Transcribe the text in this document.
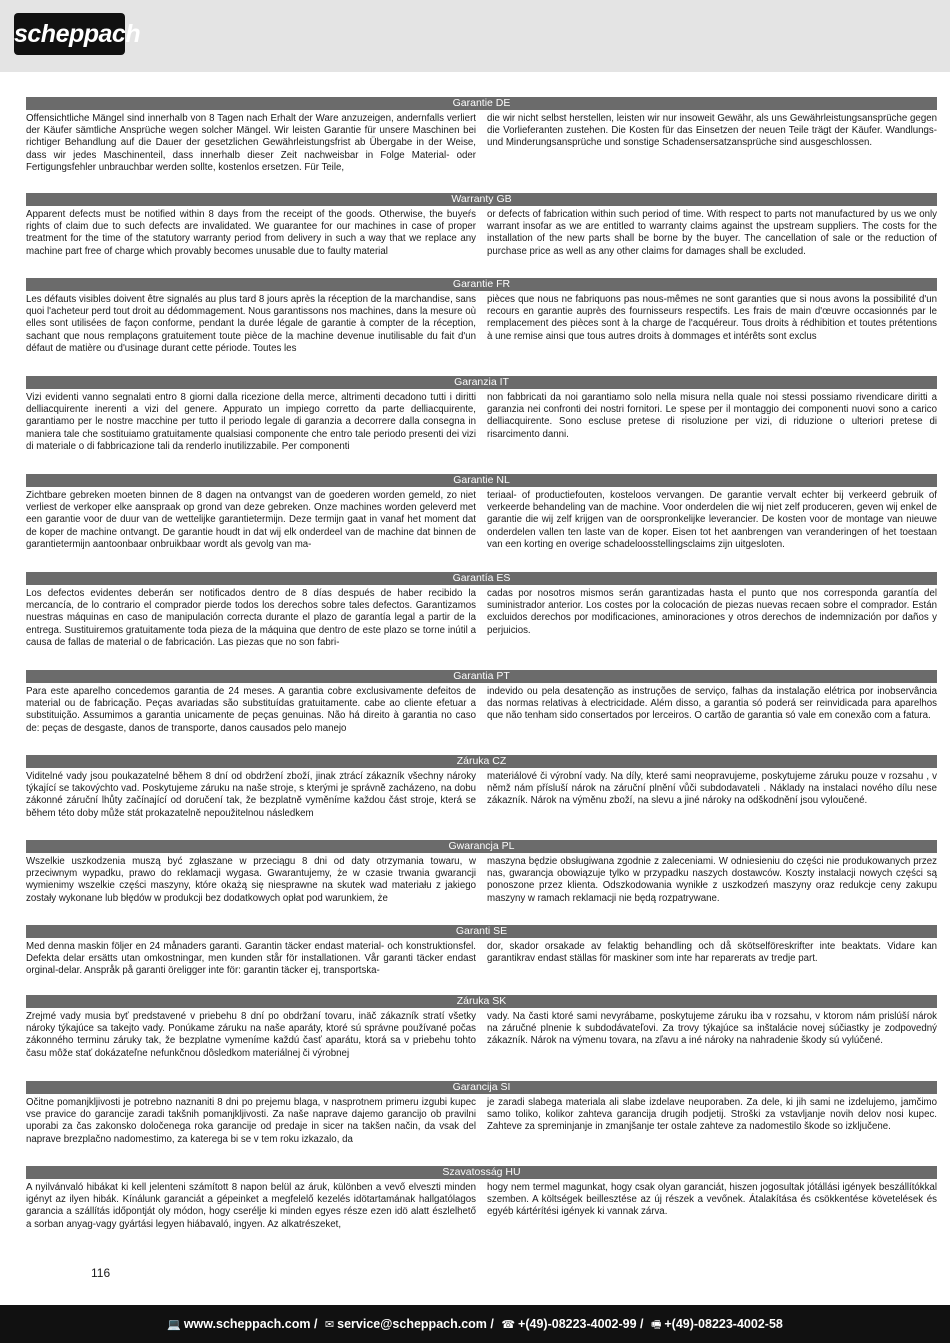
scheppach
Garantie DE

Offensichtliche Mängel sind innerhalb von 8 Tagen nach Erhalt der Ware anzuzeigen, andernfalls verliert der Käufer sämtliche Ansprüche wegen solcher Mängel. Wir leisten Garantie für unsere Maschinen bei richtiger Behandlung auf die Dauer der gesetzlichen Gewährleistungsfrist ab Übergabe in der Weise, dass wir jedes Maschinenteil, dass innerhalb dieser Zeit nachweisbar in Folge Material- oder Fertigungsfehler unbrauchbar werden sollte, kostenlos ersetzen. Für Teile,

die wir nicht selbst herstellen, leisten wir nur insoweit Gewähr, als uns Gewährleistungsansprüche gegen die Vorlieferanten zustehen. Die Kosten für das Einsetzen der neuen Teile trägt der Käufer. Wandlungs- und Minderungsansprüche und sonstige Schadensersatzansprüche sind ausgeschlossen.

Warranty GB

Apparent defects must be notified within 8 days from the receipt of the goods. Otherwise, the buyeŕs rights of claim due to such defects are invalidated. We guarantee for our machines in case of proper treatment for the time of the statutory warranty period from delivery in such a way that we replace any machine part free of charge which provably becomes unusable due to faulty material

or defects of fabrication within such period of time. With respect to parts not manufactured by us we only warrant insofar as we are entitled to warranty claims against the upstream suppliers. The costs for the installation of the new parts shall be borne by the buyer. The cancellation of sale or the reduction of purchase price as well as any other claims for damages shall be excluded.

Garantie FR

Les défauts visibles doivent être signalés au plus tard 8 jours après la réception de la marchandise, sans quoi l'acheteur perd tout droit au dédommagement. Nous garantissons nos machines, dans la mesure où elles sont utilisées de façon conforme, pendant la durée légale de garantie à compter de la réception, sachant que nous remplaçons gratuitement toute pièce de la machine devenue inutilisable du fait d'un défaut de matière ou d'usinage durant cette période. Toutes les

pièces que nous ne fabriquons pas nous-mêmes ne sont garanties que si nous avons la possibilité d'un recours en garantie auprès des fournisseurs respectifs. Les frais de main d'œuvre occasionnés par le remplacement des pièces sont à la charge de l'acquéreur. Tous droits à rédhibition et toutes prétentions à une remise ainsi que tous autres droits à dommages et intérêts sont exclus

Garanzia IT

Vizi evidenti vanno segnalati entro 8 giorni dalla ricezione della merce, altrimenti decadono tutti i diritti delliacquirente inerenti a vizi del genere. Appurato un impiego corretto da parte delliacquirente, garantiamo per le nostre macchine per tutto il periodo legale di garanzia a decorrere dalla consegna in maniera tale che sostituiamo gratuitamente qualsiasi componente che entro tale periodo presenti dei vizi di materiale o di fabbricazione tali da renderlo inutilizzabile. Per componenti

non fabbricati da noi garantiamo solo nella misura nella quale noi stessi possiamo rivendicare diritti a garanzia nei confronti dei nostri fornitori. Le spese per il montaggio dei componenti nuovi sono a carico delliacquirente. Sono escluse pretese di risoluzione per vizi, di riduzione o ulteriori pretese di risarcimento danni.

Garantie NL

Zichtbare gebreken moeten binnen de 8 dagen na ontvangst van de goederen worden gemeld, zo niet verliest de verkoper elke aanspraak op grond van deze gebreken. Onze machines worden geleverd met een garantie voor de duur van de wettelijke garantietermijn. Deze termijn gaat in vanaf het moment dat de koper de machine ontvangt. De garantie houdt in dat wij elk onderdeel van de machine dat binnen de garantietermijn aantoonbaar onbruikbaar wordt als gevolg van ma-

teriaal- of productiefouten, kosteloos vervangen. De garantie vervalt echter bij verkeerd gebruik of verkeerde behandeling van de machine. Voor onderdelen die wij niet zelf produceren, geven wij enkel de garantie die wij zelf krijgen van de oorspronkelijke leverancier. De kosten voor de montage van nieuwe onderdelen vallen ten laste van de koper. Eisen tot het aanbrengen van veranderingen of het toestaan van een korting en overige schadeloosstellingsclaims zijn uitgesloten.

Garantía ES

Los defectos evidentes deberán ser notificados dentro de 8 días después de haber recibido la mercancía, de lo contrario el comprador pierde todos los derechos sobre tales defectos. Garantizamos nuestras máquinas en caso de manipulación correcta durante el plazo de garantía legal a partir de la entrega. Sustituiremos gratuitamente toda pieza de la máquina que dentro de este plazo se torne inútil a causa de fallas de material o de fabricación. Las piezas que no son fabri-

cadas por nosotros mismos serán garantizadas hasta el punto que nos corresponda garantía del suministrador anterior. Los costes por la colocación de piezas nuevas recaen sobre el comprador. Están excluidos derechos por modificaciones, aminoraciones y otros derechos de indemnización por daños y perjuicios.

Garantia PT

Para este aparelho concedemos garantia de 24 meses. A garantia cobre exclusivamente defeitos de material ou de fabricação. Peças avariadas são substituídas gratuitamente. cabe ao cliente efetuar a substituição. Assumimos a garantia unicamente de peças genuinas. Não há direito à garantia no caso de: peças de desgaste, danos de transporte, danos causados pelo manejo

indevido ou pela desatenção as instruções de serviço, falhas da instalação elétrica por inobservância das normas relativas à electricidade. Além disso, a garantia só poderá ser reinvidicada para aparelhos que não tenham sido consertados por lerceiros. O cartão de garantia só vale em conexão com a fatura.

Záruka CZ

Viditelné vady jsou poukazatelné během 8 dní od obdržení zboží, jinak ztrácí zákazník všechny nároky týkající se takovýchto vad. Poskytujeme záruku na naše stroje, s kterými je správně zacházeno, na dobu zákonné záruční lhůty začínající od doručení tak, že bezplatně vyměníme každou část stroje, která se během této doby může stát prokazatelně nepoužitelnou následkem

materiálové či výrobní vady. Na díly, které sami neopravujeme, poskytujeme záruku pouze v rozsahu , v němž nám přísluší nárok na záruční plnění vůči subdodavateli . Náklady na instalaci nového dílu nese zákazník. Nárok na výměnu zboží, na slevu a jiné nároky na odškodnění jsou vyloučené.

Gwarancja PL

Wszelkie uszkodzenia muszą być zgłaszane w przeciągu 8 dni od daty otrzymania towaru, w przeciwnym wypadku, prawo do reklamacji wygasa. Gwarantujemy, że w czasie trwania gwarancji wymienimy wszelkie części maszyny, które okażą się niesprawne na skutek wad materiału z jakiego zostały wykonane lub błędów w produkcji bez dodatkowych opłat pod warunkiem, że

maszyna będzie obsługiwana zgodnie z zaleceniami. W odniesieniu do części nie produkowanych przez nas, gwarancja obowiązuje tylko w przypadku naszych dostawców. Koszty instalacji nowych części są ponoszone przez klienta. Odszkodowania wynikłe z uszkodzeń maszyny oraz redukcje ceny zakupu maszyny w ramach reklamacji nie będą rozpatrywane.

Garanti SE

Med denna maskin följer en 24 månaders garanti. Garantin täcker endast material- och konstruktionsfel. Defekta delar ersätts utan omkostningar, men kunden står för installationen. Vår garanti täcker endast orginal-delar. Anspråk på garanti öreligger inte för: garantin täcker ej, transportska-

dor, skador orsakade av felaktig behandling och då skötselföreskrifter inte beaktats. Vidare kan garantikrav endast ställas för maskiner som inte har reparerats av tredje part.

Záruka SK

Zrejmé vady musia byť predstavené v priebehu 8 dní po obdržaní tovaru, inäč zákazník stratí všetky nároky týkajúce sa takejto vady. Ponúkame záruku na naše aparáty, ktoré sú správne používané počas zákonného terminu záruky tak, že bezplatne vymeníme každú časť aparátu, ktorá sa v priebehu tohto času môže stať dokázateľne nefunkčnou dôsledkom materiálnej či výrobnej

vady. Na časti ktoré sami nevyrábame, poskytujeme záruku iba v rozsahu, v ktorom nám prislúší nárok na záručné plnenie k subdodávateľovi. Za trovy týkajúce sa inštalácie novej súčiastky je zodpovedný zákazník. Nárok na výmenu tovara, na zľavu a iné nároky na nahradenie škody sú vylúčené.

Garancija SI

Očitne pomanjkljivosti je potrebno naznaniti 8 dni po prejemu blaga, v nasprotnem primeru izgubi kupec vse pravice do garancije zaradi takšnih pomanjkljivosti. Za naše naprave dajemo garancijo ob pravilni uporabi za čas zakonsko določenega roka garancije od predaje in sicer na takšen način, da vsak del naprave brezplačno nadomestimo, za katerega bi se v tem roku izkazalo, da

je zaradi slabega materiala ali slabe izdelave neuporaben. Za dele, ki jih sami ne izdelujemo, jamčimo samo toliko, kolikor zahteva garancija drugih podjetij. Stroški za vstavljanje novih delov nosi kupec. Zahteve za spreminjanje in zmanjšanje ter ostale zahteve za nadomestilo škode so izključene.

Szavatosság HU

A nyilvánvaló hibákat ki kell jelenteni számított 8 napon belül az áruk, különben a vevő elveszti minden igényt az ilyen hibák. Kínálunk garanciát a gépeinket a megfelelő kezelés idötartamának hallgatólagos garancia a szállítás időpontját oly módon, hogy cserélje ki minden egyes része ezen idö alatt észlelhető a sorban anyag-vagy gyártási legyen hiábavaló, ingyen. Az alkatrészeket,

hogy nem termel magunkat, hogy csak olyan garanciát, hiszen jogosultak jótállási igények beszállítókkal szemben. A költségek beillesztése az új részek a vevőnek. Átalakítása és csökkentése követelések és egyéb kártérítési igények ki vannak zárva.

116
💻 www.scheppach.com / ✉ service@scheppach.com / ☎ +(49)-08223-4002-99 / 🖷 +(49)-08223-4002-58
